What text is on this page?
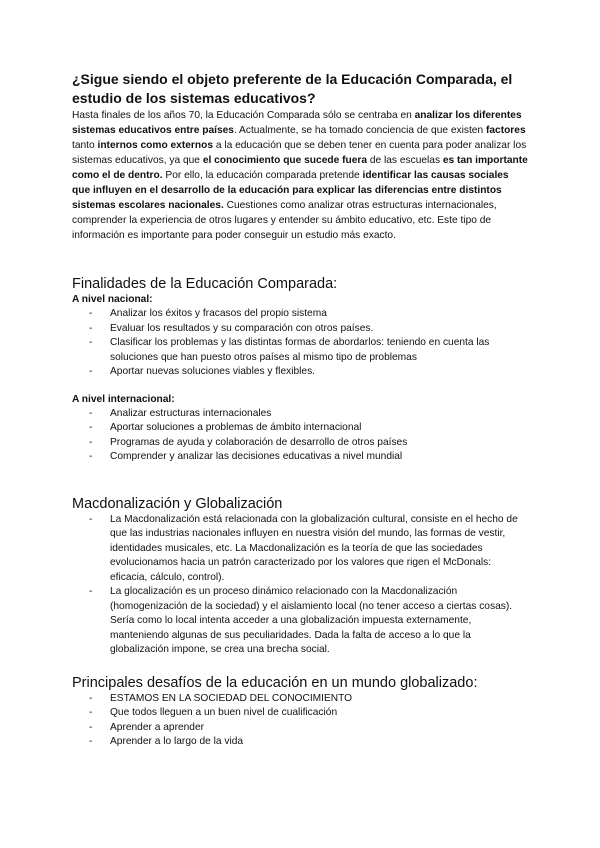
¿Sigue siendo el objeto preferente de la Educación Comparada, el estudio de los sistemas educativos?

Hasta finales de los años 70, la Educación Comparada sólo se centraba en analizar los diferentes sistemas educativos entre países. Actualmente, se ha tomado conciencia de que existen factores tanto internos como externos a la educación que se deben tener en cuenta para poder analizar los sistemas educativos, ya que el conocimiento que sucede fuera de las escuelas es tan importante como el de dentro. Por ello, la educación comparada pretende identificar las causas sociales que influyen en el desarrollo de la educación para explicar las diferencias entre distintos sistemas escolares nacionales. Cuestiones como analizar otras estructuras internacionales, comprender la experiencia de otros lugares y entender su ámbito educativo, etc. Este tipo de información es importante para poder conseguir un estudio más exacto.

Finalidades de la Educación Comparada:
A nivel nacional:
- Analizar los éxitos y fracasos del propio sistema
- Evaluar los resultados y su comparación con otros países.
- Clasificar los problemas y las distintas formas de abordarlos: teniendo en cuenta las soluciones que han puesto otros países al mismo tipo de problemas
- Aportar nuevas soluciones viables y flexibles.
A nivel internacional:
- Analizar estructuras internacionales
- Aportar soluciones a problemas de ámbito internacional
- Programas de ayuda y colaboración de desarrollo de otros países
- Comprender y analizar las decisiones educativas a nivel mundial
Macdonalización y Globalización
- La Macdonalización está relacionada con la globalización cultural, consiste en el hecho de que las industrias nacionales influyen en nuestra visión del mundo, las formas de vestir, identidades musicales, etc. La Macdonalización es la teoría de que las sociedades evolucionamos hacia un patrón caracterizado por los valores que rigen el McDonals: eficacia, cálculo, control).
- La glocalización es un proceso dinámico relacionado con la Macdonalización (homogenización de la sociedad) y el aislamiento local (no tener acceso a ciertas cosas). Sería como lo local intenta acceder a una globalización impuesta externamente, manteniendo algunas de sus peculiaridades. Dada la falta de acceso a lo que la globalización impone, se crea una brecha social.
Principales desafíos de la educación en un mundo globalizado:
- ESTAMOS EN LA SOCIEDAD DEL CONOCIMIENTO
- Que todos lleguen a un buen nivel de cualificación
- Aprender a aprender
- Aprender a lo largo de la vida
